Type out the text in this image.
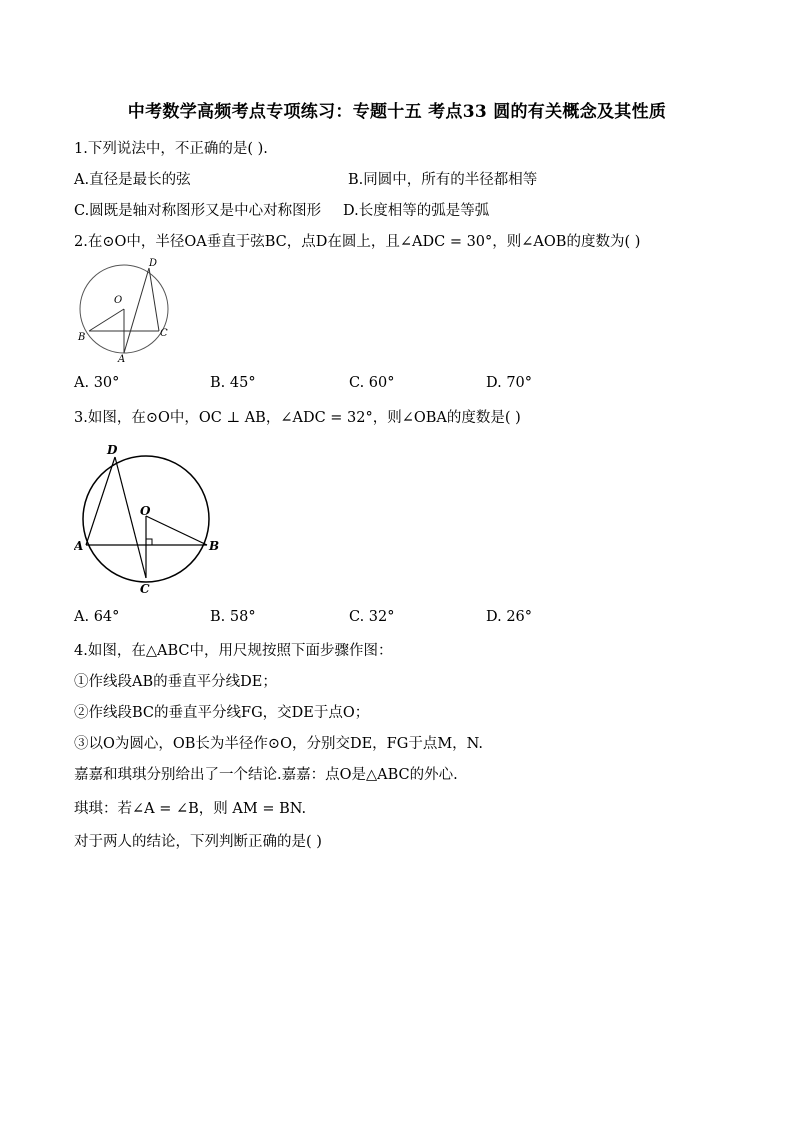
中考数学高频考点专项练习：专题十五 考点33 圆的有关概念及其性质
1.下列说法中，不正确的是( ).
A.直径是最长的弦	B.同圆中，所有的半径都相等
C.圆既是轴对称图形又是中心对称图形 D.长度相等的弧是等弧
2.在⊙O中，半径OA垂直于弦BC，点D在圆上，且∠ADC = 30°，则∠AOB的度数为( )
D
O
B	C
A
A. 30°	B. 45°	C. 60°	D. 70°
3.如图，在⊙O中，OC ⊥ AB，∠ADC = 32°，则∠OBA的度数是( )
D
O
A	B
C
A. 64°	B. 58°	C. 32°	D. 26°
4.如图，在△ABC中，用尺规按照下面步骤作图：
①作线段AB的垂直平分线DE；
②作线段BC的垂直平分线FG，交DE于点O；
③以O为圆心，OB长为半径作⊙O，分别交DE，FG于点M，N.
嘉嘉和琪琪分别给出了一个结论.嘉嘉：点O是△ABC的外心.
琪琪：若∠A = ∠B，则 AM = BN.
对于两人的结论，下列判断正确的是( )
